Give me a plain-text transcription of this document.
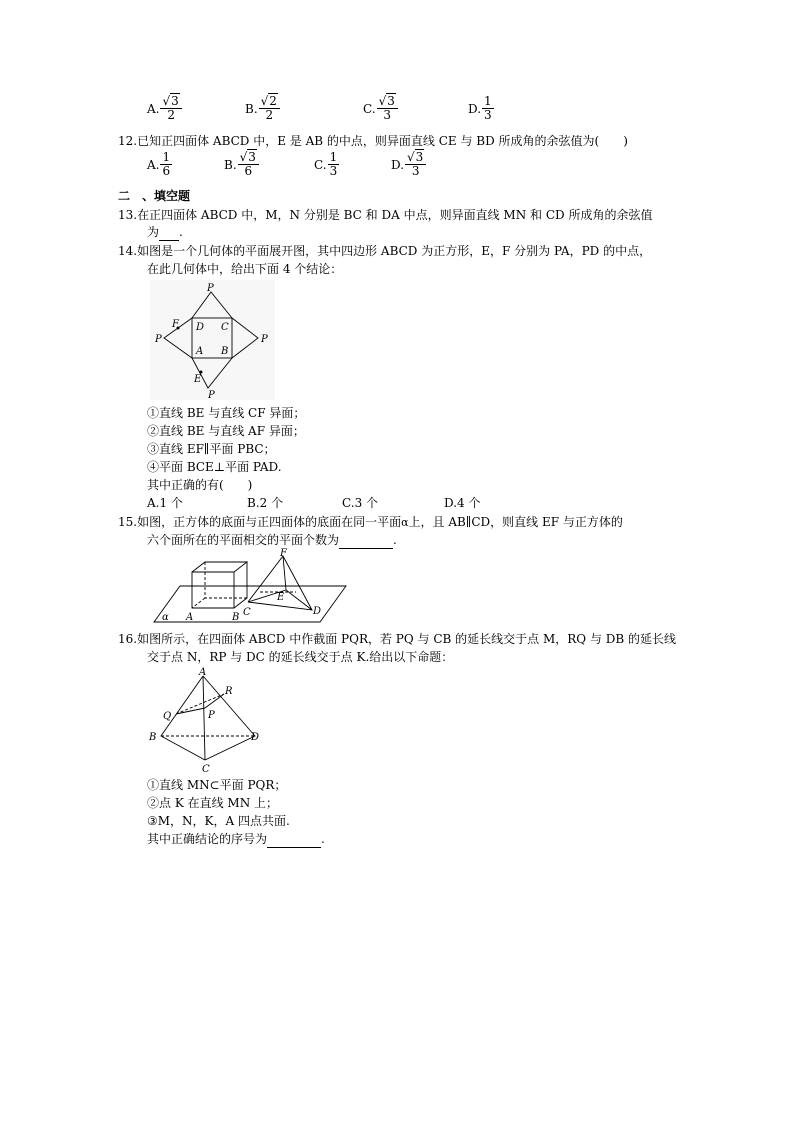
A. $\frac{√3}{2}$	B. $\frac{√2}{2}$	C. $\frac{√3}{3}$	D. $\frac{1}{3}$
12.已知正四面体 ABCD 中，E 是 AB 的中点，则异面直线 CE 与 BD 所成角的余弦值为(　　)
A. $\frac{1}{6}$	B. $\frac{√3}{6}$	C. $\frac{1}{3}$	D. $\frac{√3}{3}$
二　、填空题
13.在正四面体 ABCD 中，M，N 分别是 BC 和 DA 中点，则异面直线 MN 和 CD 所成角的余弦值
为 .
14.如图是一个几何体的平面展开图，其中四边形 ABCD 为正方形，E，F 分别为 PA，PD 的中点，
在此几何体中，给出下面 4 个结论：
P
P	P
P
F
E
D C
A B
①直线 BE 与直线 CF 异面；
②直线 BE 与直线 AF 异面；
③直线 EF∥平面 PBC；
④平面 BCE⊥平面 PAD.
其中正确的有(　　)
A.1 个	B.2 个	C.3 个	D.4 个
15.如图，正方体的底面与正四面体的底面在同一平面α上，且 AB∥CD，则直线 EF 与正方体的
六个面所在的平面相交的平面个数为	.
α A	B C	D
E
F
16.如图所示，在四面体 ABCD 中作截面 PQR，若 PQ 与 CB 的延长线交于点 M，RQ 与 DB 的延长线
交于点 N，RP 与 DC 的延长线交于点 K.给出以下命题：
A
R
Q	P
B	D
C
①直线 MN⊂平面 PQR；
②点 K 在直线 MN 上；
③M，N，K，A 四点共面.
其中正确结论的序号为	.
